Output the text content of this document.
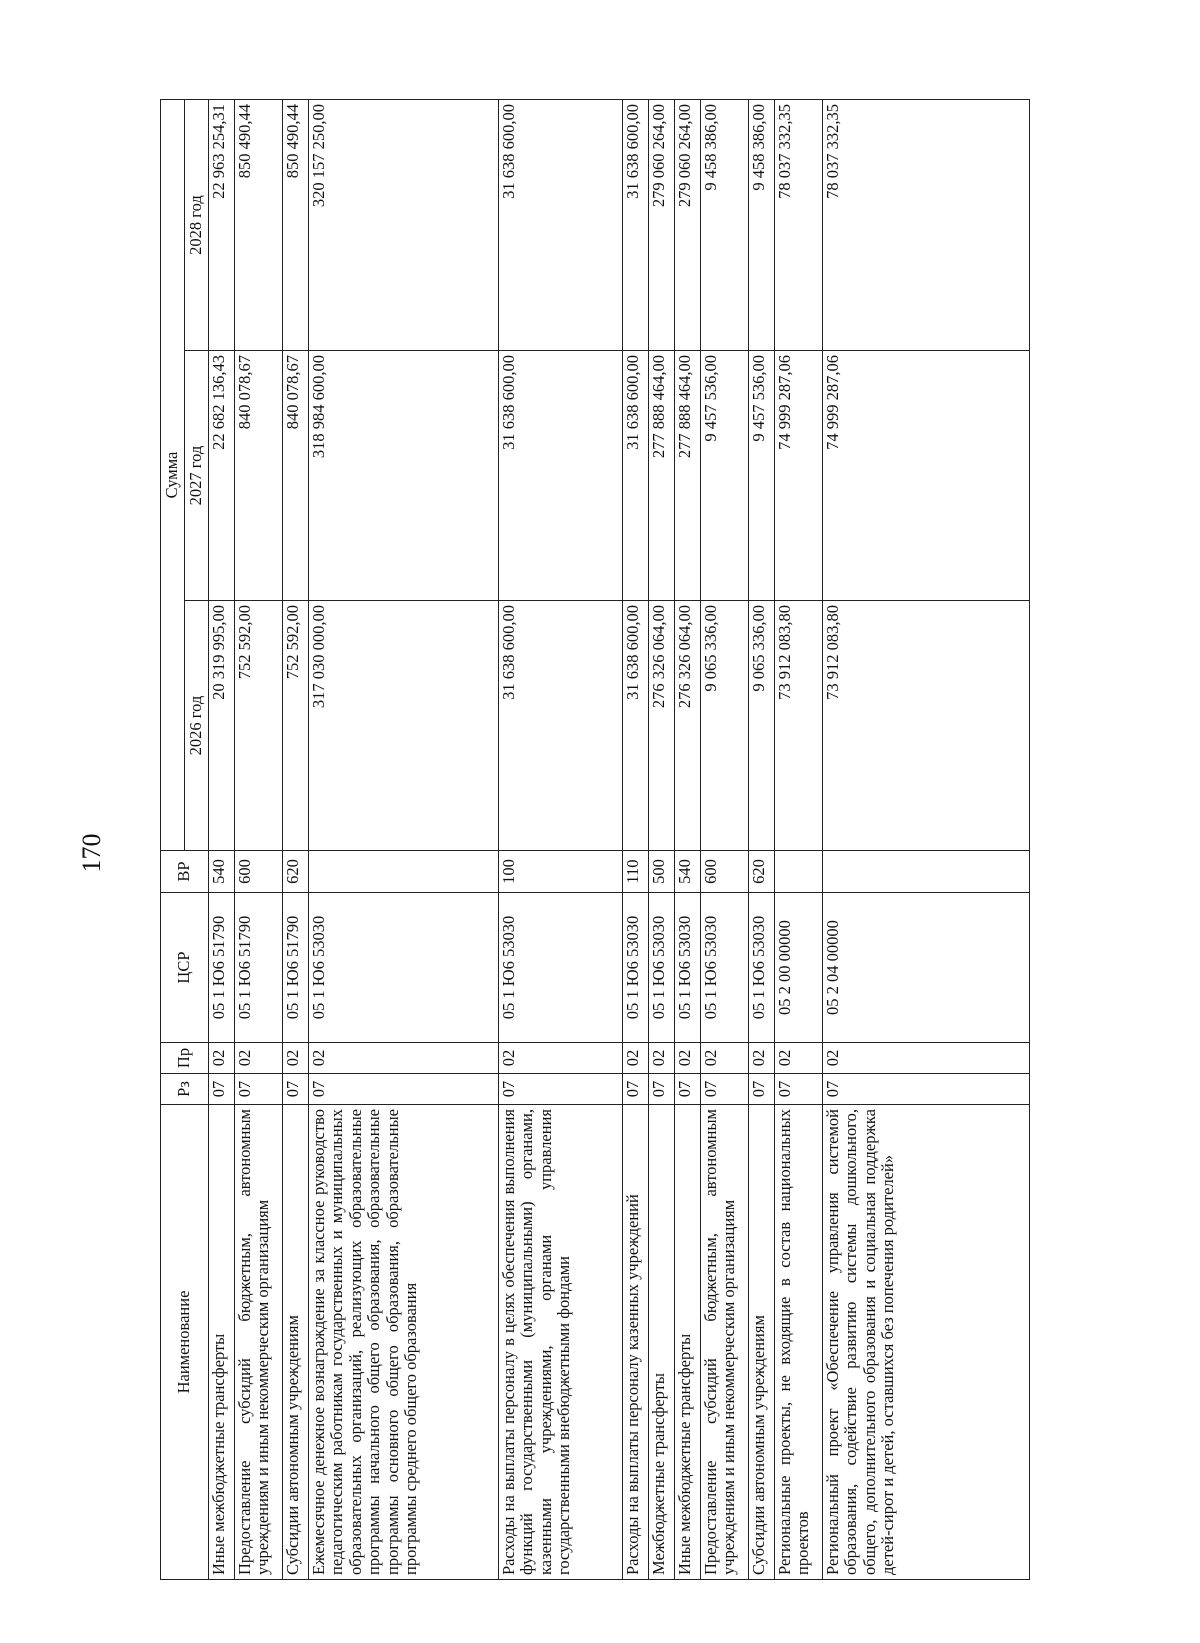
170
Наименование	Рз	Пр	ЦСР	ВР	Сумма		
					2026 год	2027 год	2028 год
Иные межбюджетные трансферты	07	02	05 1 Ю6 51790	540	20 319 995,00	22 682 136,43	22 963 254,31
Предоставление субсидий бюджетным, автономным учреждениям и иным некоммерческим организациям	07	02	05 1 Ю6 51790	600	752 592,00	840 078,67	850 490,44
Субсидии автономным учреждениям	07	02	05 1 Ю6 51790	620	752 592,00	840 078,67	850 490,44
Ежемесячное денежное вознаграждение за классное руководство педагогическим работникам государственных и муниципальных образовательных организаций, реализующих образовательные программы начального общего образования, образовательные программы основного общего образования, образовательные программы среднего общего образования	07	02	05 1 Ю6 53030		317 030 000,00	318 984 600,00	320 157 250,00
Расходы на выплаты персоналу в целях обеспечения выполнения функций государственными (муниципальными) органами, казенными учреждениями, органами управления государственными внебюджетными фондами	07	02	05 1 Ю6 53030	100	31 638 600,00	31 638 600,00	31 638 600,00
Расходы на выплаты персоналу казенных учреждений	07	02	05 1 Ю6 53030	110	31 638 600,00	31 638 600,00	31 638 600,00
Межбюджетные трансферты	07	02	05 1 Ю6 53030	500	276 326 064,00	277 888 464,00	279 060 264,00
Иные межбюджетные трансферты	07	02	05 1 Ю6 53030	540	276 326 064,00	277 888 464,00	279 060 264,00
Предоставление субсидий бюджетным, автономным учреждениям и иным некоммерческим организациям	07	02	05 1 Ю6 53030	600	9 065 336,00	9 457 536,00	9 458 386,00
Субсидии автономным учреждениям	07	02	05 1 Ю6 53030	620	9 065 336,00	9 457 536,00	9 458 386,00
Региональные проекты, не входящие в состав национальных проектов	07	02	05 2 00 00000		73 912 083,80	74 999 287,06	78 037 332,35
Региональный проект «Обеспечение управления системой образования, содействие развитию системы дошкольного, общего, дополнительного образования и социальная поддержка детей-сирот и детей, оставшихся без попечения родителей»	07	02	05 2 04 00000		73 912 083,80	74 999 287,06	78 037 332,35
